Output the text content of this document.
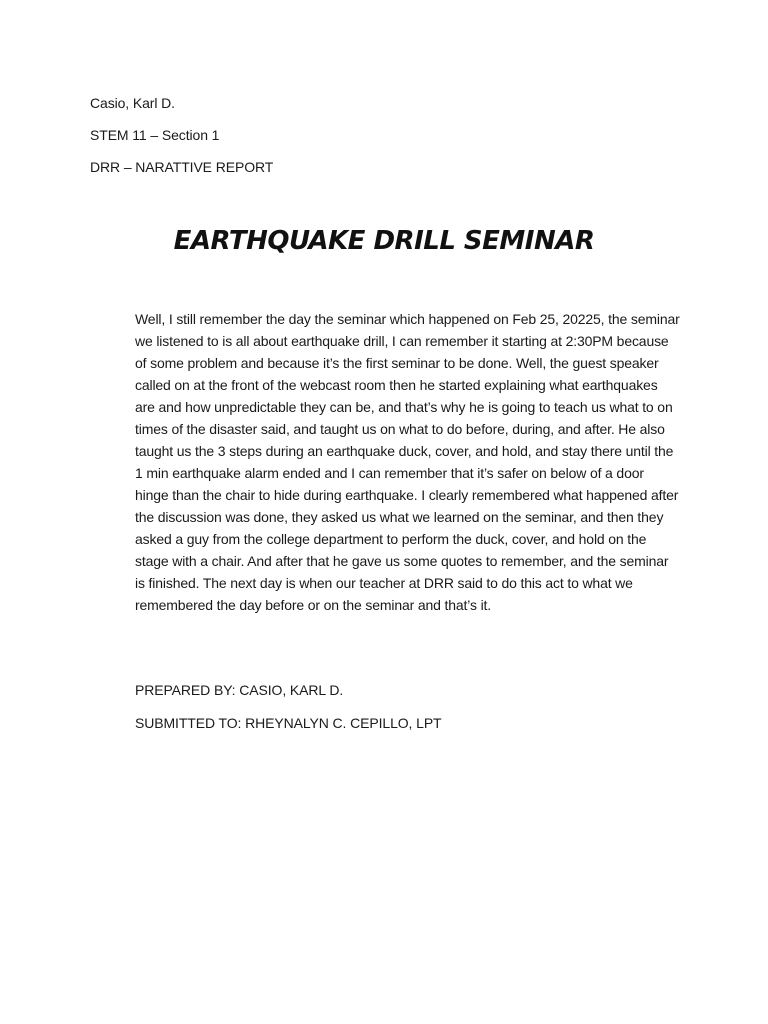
Casio, Karl D.
STEM 11 – Section 1
DRR – NARATTIVE REPORT
EARTHQUAKE DRILL SEMINAR

Well, I still remember the day the seminar which happened on Feb 25, 20225, the seminar we listened to is all about earthquake drill, I can remember it starting at 2:30PM because of some problem and because it’s the first seminar to be done. Well, the guest speaker called on at the front of the webcast room then he started explaining what earthquakes are and how unpredictable they can be, and that’s why he is going to teach us what to on times of the disaster said, and taught us on what to do before, during, and after. He also taught us the 3 steps during an earthquake duck, cover, and hold, and stay there until the 1 min earthquake alarm ended and I can remember that it’s safer on below of a door hinge than the chair to hide during earthquake. I clearly remembered what happened after the discussion was done, they asked us what we learned on the seminar, and then they asked a guy from the college department to perform the duck, cover, and hold on the stage with a chair. And after that he gave us some quotes to remember, and the seminar is finished. The next day is when our teacher at DRR said to do this act to what we remembered the day before or on the seminar and that’s it.

PREPARED BY: CASIO, KARL D.
SUBMITTED TO: RHEYNALYN C. CEPILLO, LPT
